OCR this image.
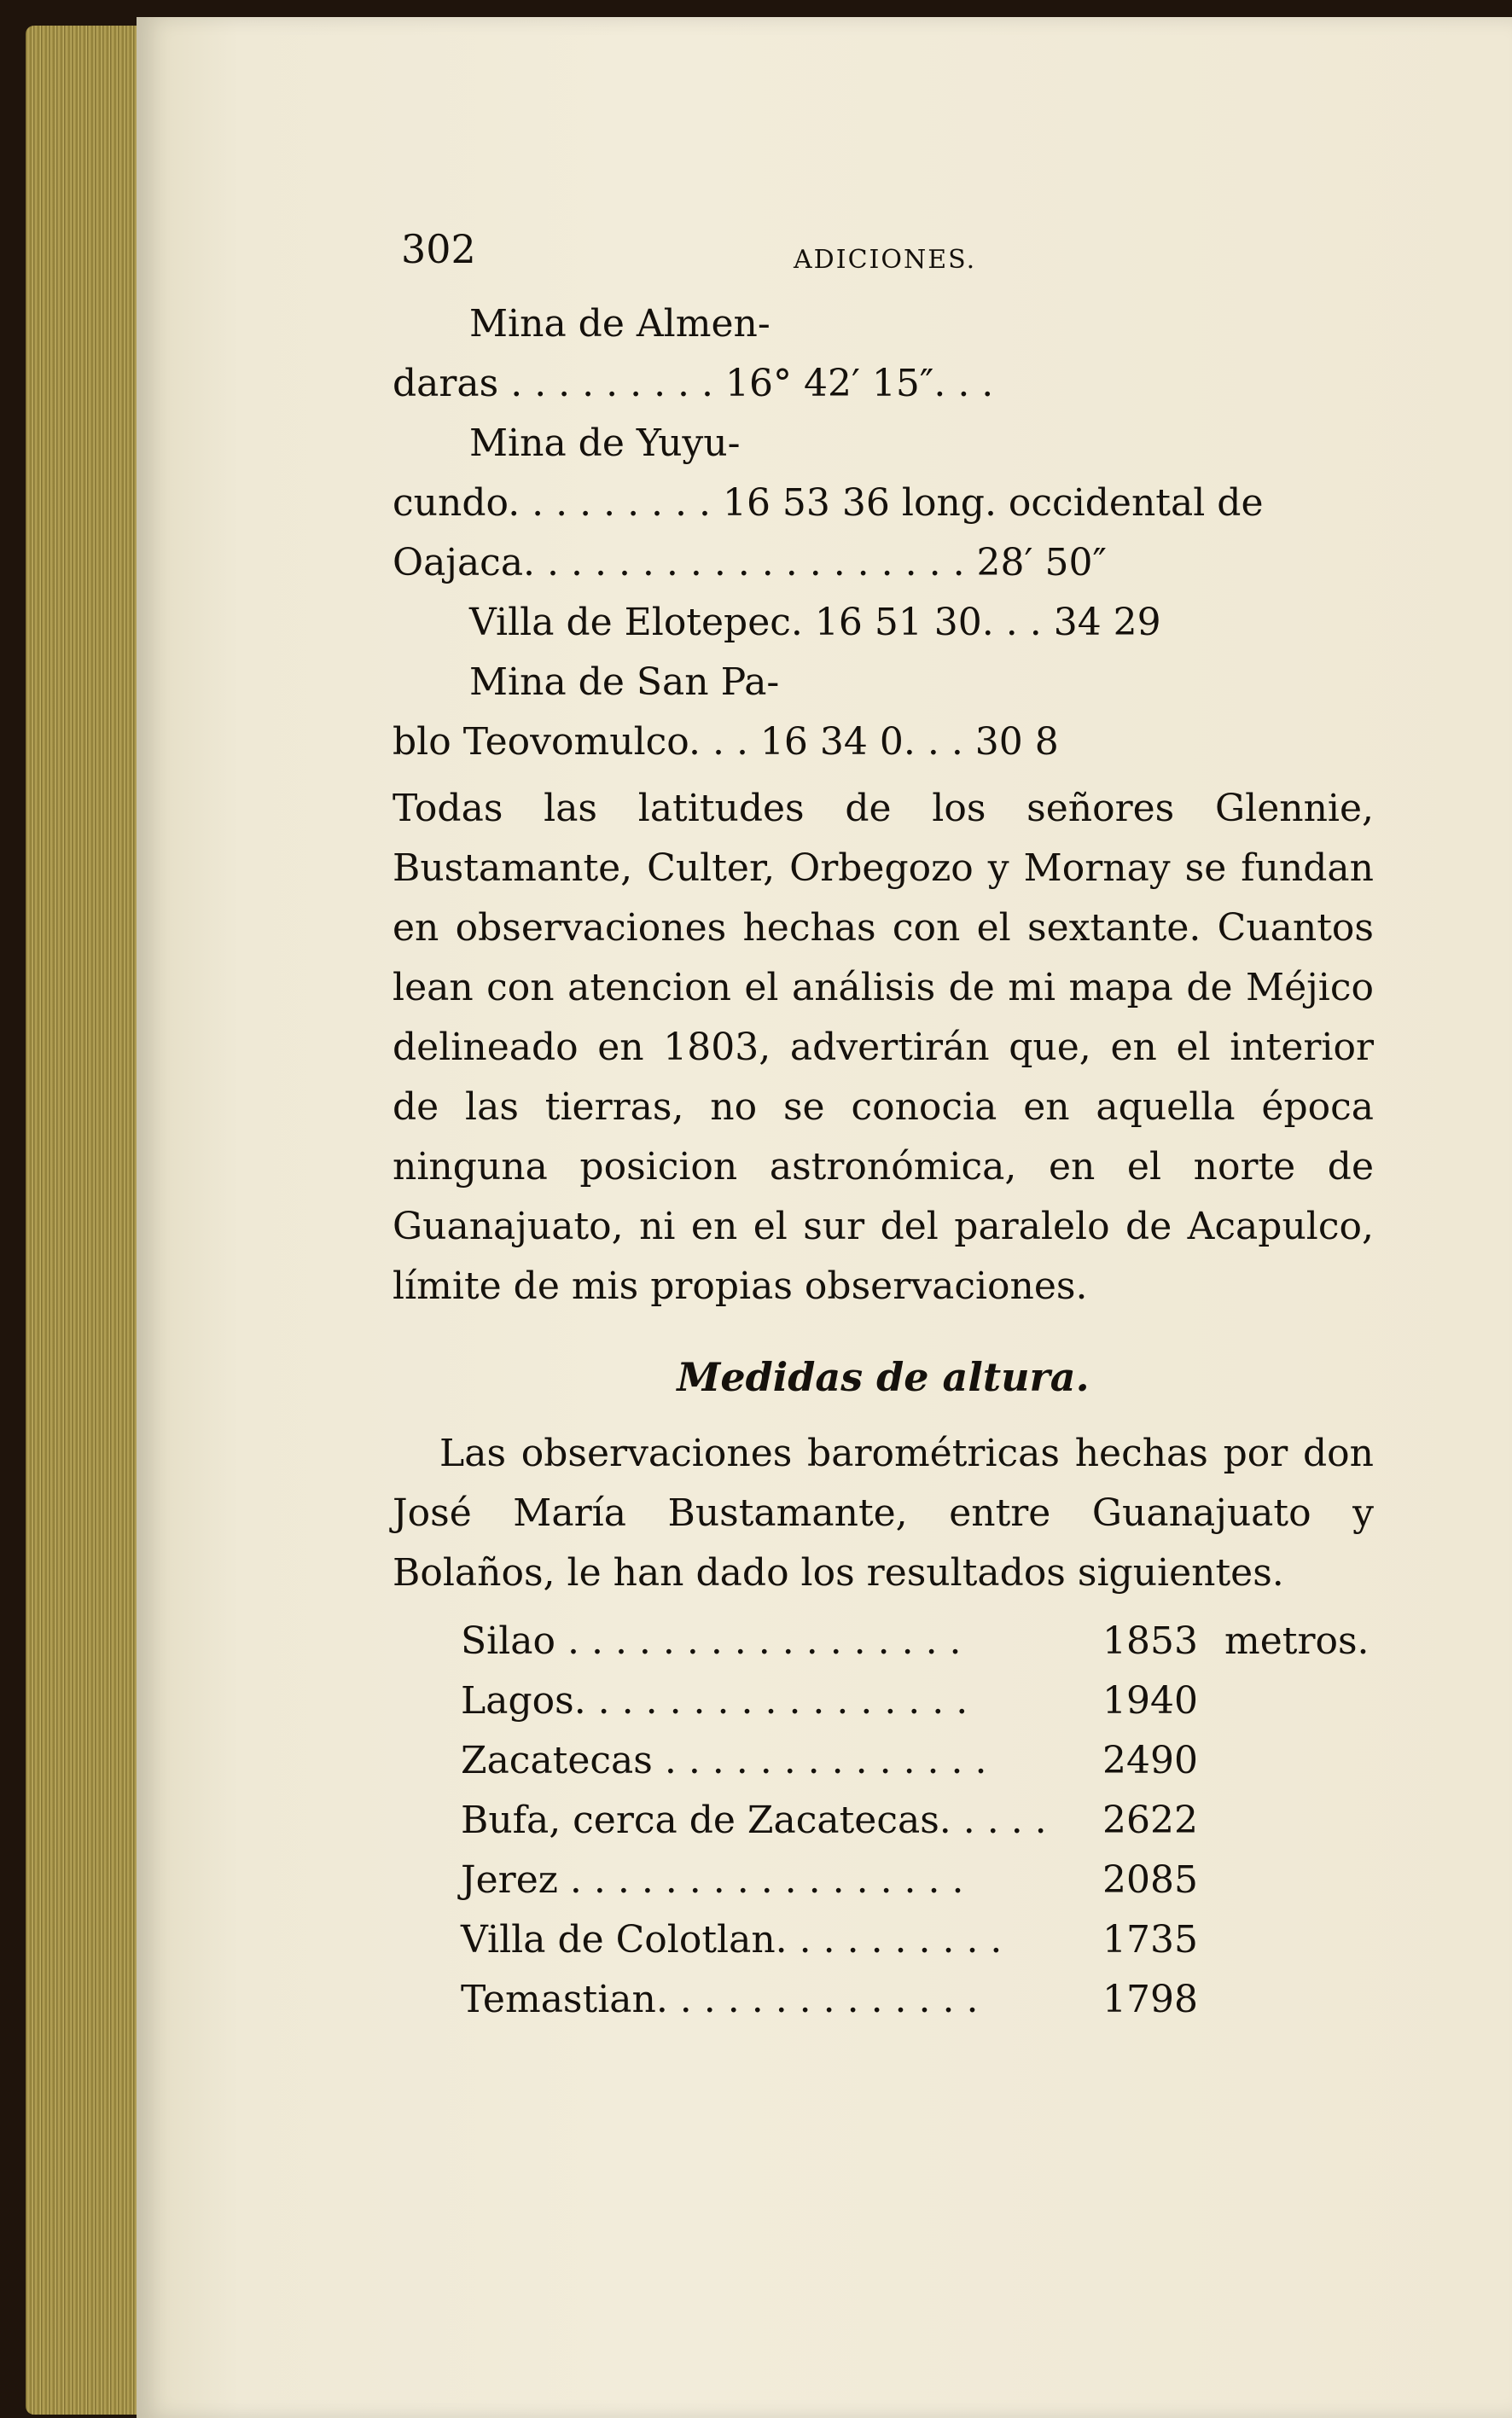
302	ADICIONES.
Mina de Almen-
daras . . . . . . . . . 16° 42′ 15″. . .
Mina de Yuyu-
cundo. . . . . . . . . 16 53 36 long. occidental de
Oajaca. . . . . . . . . . . . . . . . . . . 28′ 50″
Villa de Elotepec. 16 51 30. . . 34 29
Mina de San Pa-
blo Teovomulco. . . 16 34 0. . . 30 8

Todas las latitudes de los señores Glennie, Bustamante, Culter, Orbegozo y Mornay se fundan en observaciones hechas con el sextante. Cuantos lean con atencion el análisis de mi mapa de Méjico delineado en 1803, advertirán que, en el interior de las tierras, no se conocia en aquella época ninguna posicion astronómica, en el norte de Guanajuato, ni en el sur del paralelo de Acapulco, límite de mis propias observaciones.

Medidas de altura.

Las observaciones barométricas hechas por don José María Bustamante, entre Guanajuato y Bolaños, le han dado los resultados siguientes.

Silao . . . . . . . . . . . . . . . . .	1853 metros.
Lagos. . . . . . . . . . . . . . . . .	1940
Zacatecas . . . . . . . . . . . . . .	2490
Bufa, cerca de Zacatecas. . . . . 2622
Jerez . . . . . . . . . . . . . . . . .	2085
Villa de Colotlan. . . . . . . . . .	1735
Temastian. . . . . . . . . . . . . .	1798
